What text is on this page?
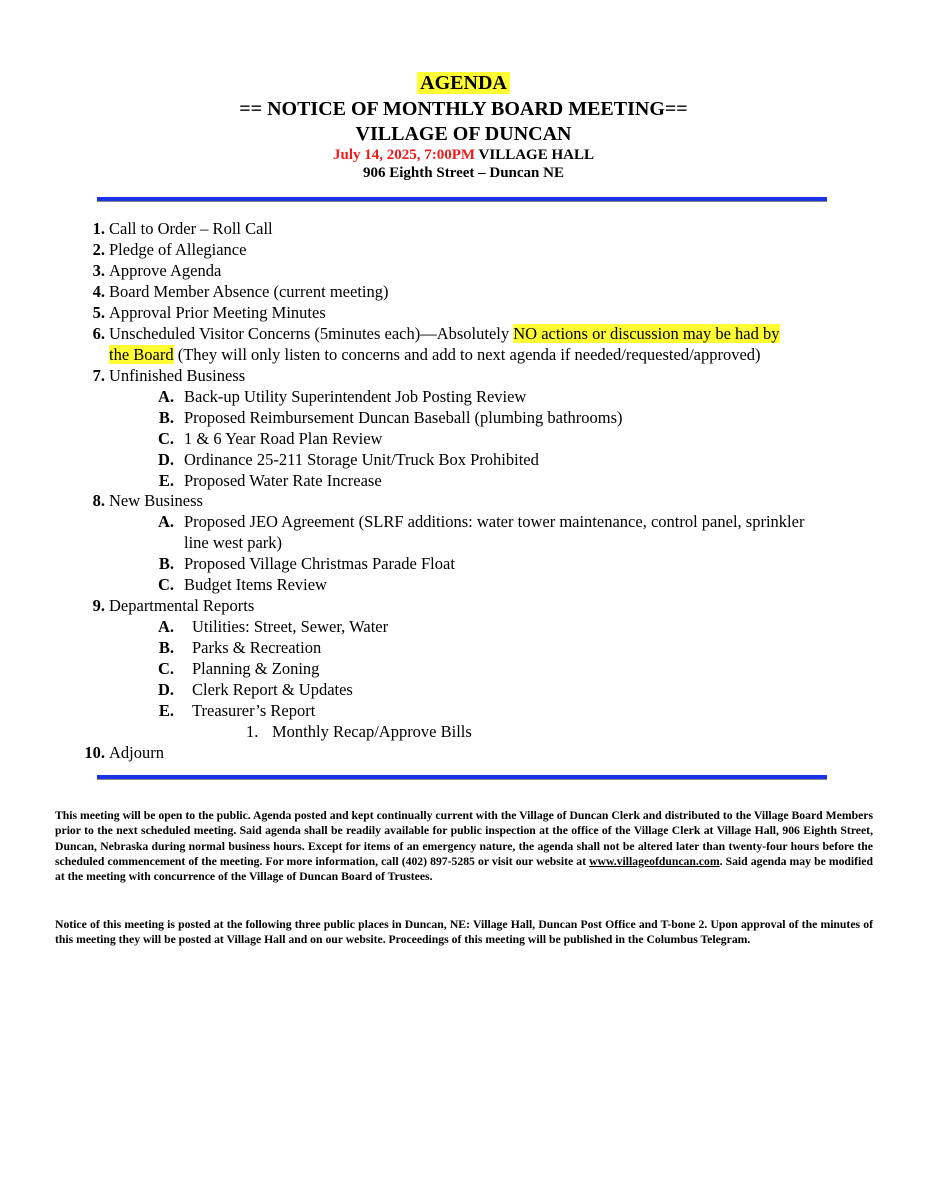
AGENDA
== NOTICE OF MONTHLY BOARD MEETING==
VILLAGE OF DUNCAN
July 14, 2025, 7:00PM VILLAGE HALL
906 Eighth Street – Duncan NE
1. Call to Order – Roll Call
2. Pledge of Allegiance
3. Approve Agenda
4. Board Member Absence (current meeting)
5. Approval Prior Meeting Minutes
6. Unscheduled Visitor Concerns (5minutes each)—Absolutely NO actions or discussion may be had by
the Board (They will only listen to concerns and add to next agenda if needed/requested/approved)
7. Unfinished Business
A. Back-up Utility Superintendent Job Posting Review
B. Proposed Reimbursement Duncan Baseball (plumbing bathrooms)
C. 1 & 6 Year Road Plan Review
D. Ordinance 25-211 Storage Unit/Truck Box Prohibited
E. Proposed Water Rate Increase
8. New Business
A. Proposed JEO Agreement (SLRF additions: water tower maintenance, control panel, sprinkler
line west park)
B. Proposed Village Christmas Parade Float
C. Budget Items Review
9. Departmental Reports
A. Utilities: Street, Sewer, Water
B. Parks & Recreation
C. Planning & Zoning
D. Clerk Report & Updates
E. Treasurer’s Report
1. Monthly Recap/Approve Bills
10. Adjourn
This meeting will be open to the public. Agenda posted and kept continually current with the Village of Duncan Clerk and distributed to the Village Board Members prior to the next scheduled meeting. Said agenda shall be readily available for public inspection at the office of the Village Clerk at Village Hall, 906 Eighth Street, Duncan, Nebraska during normal business hours. Except for items of an emergency nature, the agenda shall not be altered later than twenty-four hours before the scheduled commencement of the meeting. For more information, call (402) 897-5285 or visit our website at www.villageofduncan.com. Said agenda may be modified at the meeting with concurrence of the Village of Duncan Board of Trustees.
Notice of this meeting is posted at the following three public places in Duncan, NE: Village Hall, Duncan Post Office and T-bone 2. Upon approval of the minutes of this meeting they will be posted at Village Hall and on our website. Proceedings of this meeting will be published in the Columbus Telegram.
